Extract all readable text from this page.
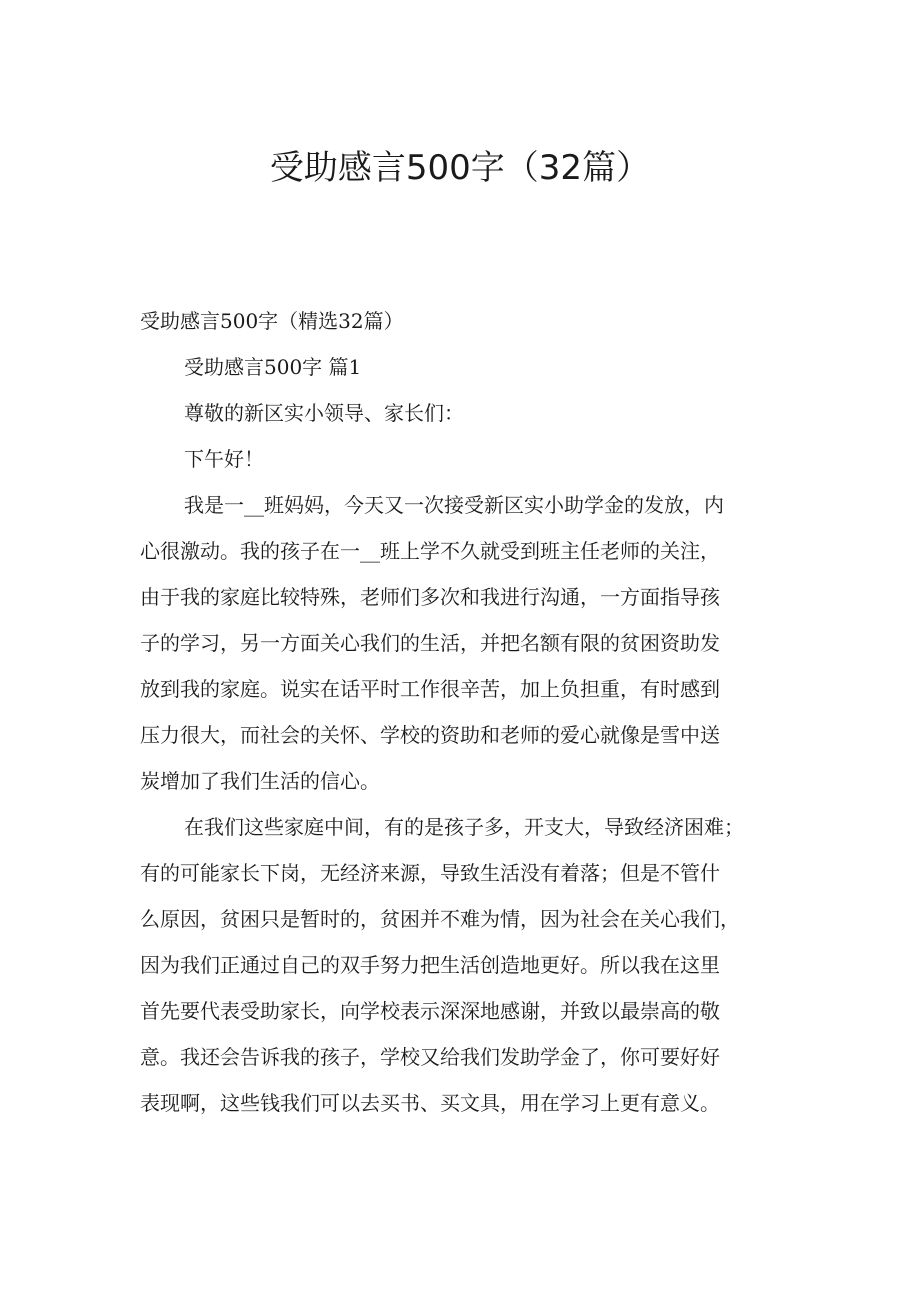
受助感言500字（32篇）
受助感言500字（精选32篇）
受助感言500字 篇1
尊敬的新区实小领导、家长们：
下午好！
我是一__班妈妈，今天又一次接受新区实小助学金的发放，内
心很激动。我的孩子在一__班上学不久就受到班主任老师的关注，
由于我的家庭比较特殊，老师们多次和我进行沟通，一方面指导孩
子的学习，另一方面关心我们的生活，并把名额有限的贫困资助发
放到我的家庭。说实在话平时工作很辛苦，加上负担重，有时感到
压力很大，而社会的关怀、学校的资助和老师的爱心就像是雪中送
炭增加了我们生活的信心。
在我们这些家庭中间，有的是孩子多，开支大，导致经济困难；
有的可能家长下岗，无经济来源，导致生活没有着落；但是不管什
么原因，贫困只是暂时的，贫困并不难为情，因为社会在关心我们，
因为我们正通过自己的双手努力把生活创造地更好。所以我在这里
首先要代表受助家长，向学校表示深深地感谢，并致以最崇高的敬
意。我还会告诉我的孩子，学校又给我们发助学金了，你可要好好
表现啊，这些钱我们可以去买书、买文具，用在学习上更有意义。
